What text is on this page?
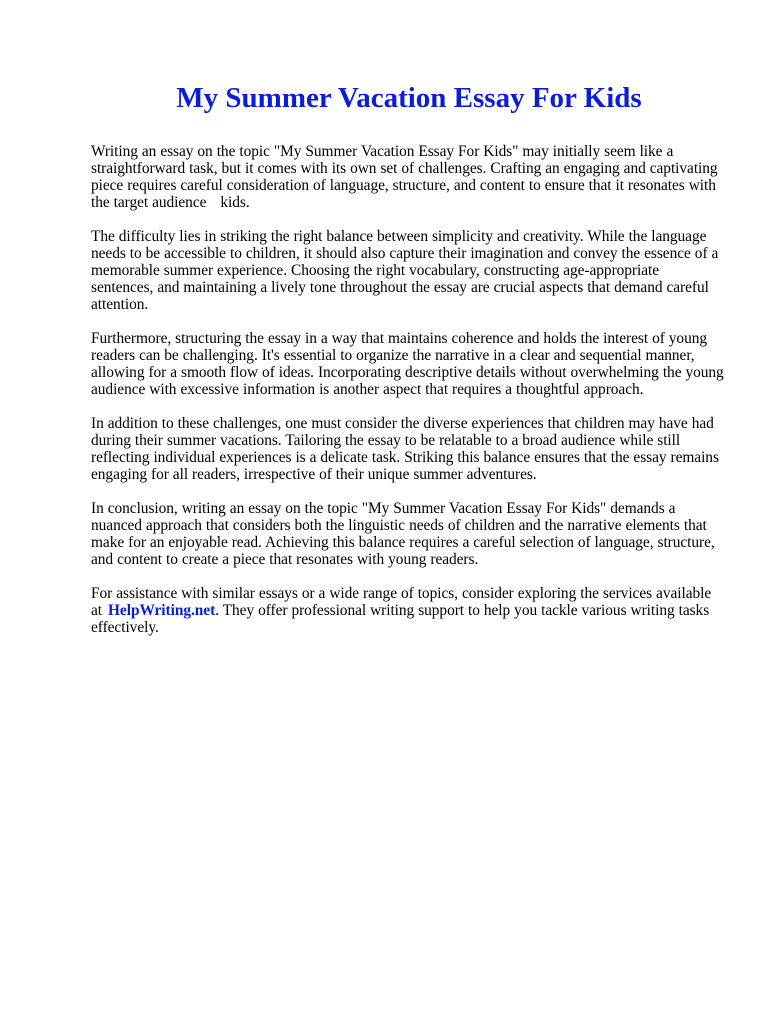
My Summer Vacation Essay For Kids

Writing an essay on the topic "My Summer Vacation Essay For Kids" may initially seem like a straightforward task, but it comes with its own set of challenges. Crafting an engaging and captivating piece requires careful consideration of language, structure, and content to ensure that it resonates with the target audience kids.

The difficulty lies in striking the right balance between simplicity and creativity. While the language needs to be accessible to children, it should also capture their imagination and convey the essence of a memorable summer experience. Choosing the right vocabulary, constructing age-appropriate sentences, and maintaining a lively tone throughout the essay are crucial aspects that demand careful attention.

Furthermore, structuring the essay in a way that maintains coherence and holds the interest of young readers can be challenging. It's essential to organize the narrative in a clear and sequential manner, allowing for a smooth flow of ideas. Incorporating descriptive details without overwhelming the young audience with excessive information is another aspect that requires a thoughtful approach.

In addition to these challenges, one must consider the diverse experiences that children may have had during their summer vacations. Tailoring the essay to be relatable to a broad audience while still reflecting individual experiences is a delicate task. Striking this balance ensures that the essay remains engaging for all readers, irrespective of their unique summer adventures.

In conclusion, writing an essay on the topic "My Summer Vacation Essay For Kids" demands a nuanced approach that considers both the linguistic needs of children and the narrative elements that make for an enjoyable read. Achieving this balance requires a careful selection of language, structure, and content to create a piece that resonates with young readers.

For assistance with similar essays or a wide range of topics, consider exploring the services available at HelpWriting.net. They offer professional writing support to help you tackle various writing tasks effectively.
